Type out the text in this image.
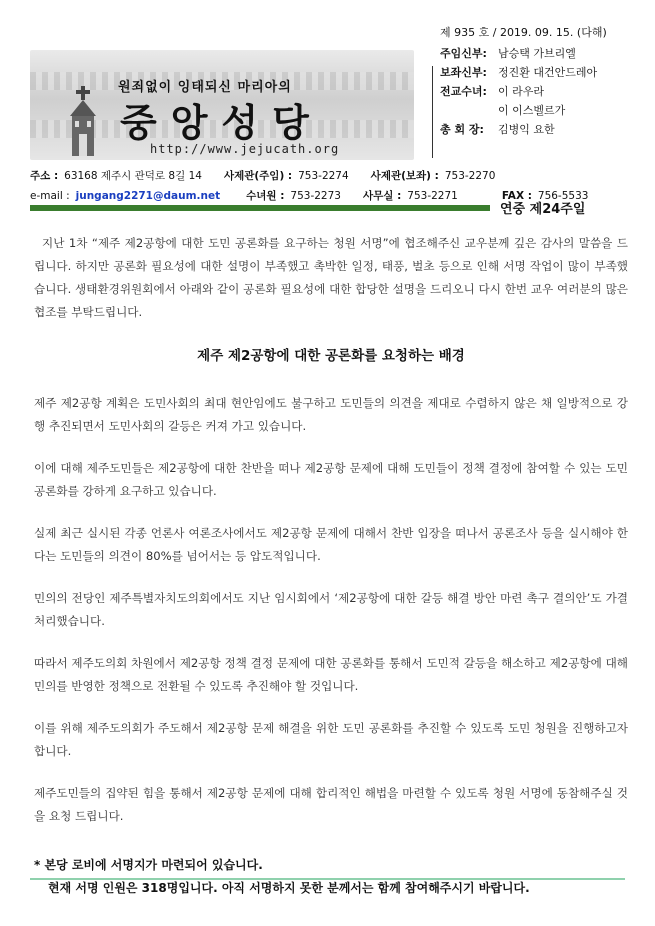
원죄없이 잉태되신 마리아의
중앙성당
http://www.jejucath.org
제 935 호 / 2019. 09. 15. (다해)
주임신부:	남승택 가브리엘
보좌신부:	정진환 대건안드레아
전교수녀:	이 라우라
이 이스벨르가
총 회 장:	김병익 요한
주소 : 63168 제주시 관덕로 8길 14 사제관(주임) : 753-2274 사제관(보좌) : 753-2270
e-mail : jungang2271@daum.net 수녀원 : 753-2273 사무실 : 753-2271	FAX : 756-5533
연중 제24주일

지난 1차 “제주 제2공항에 대한 도민 공론화를 요구하는 청원 서명”에 협조해주신 교우분께 깊은 감사의 말씀을 드립니다. 하지만 공론화 필요성에 대한 설명이 부족했고 촉박한 일정, 태풍, 벌초 등으로 인해 서명 작업이 많이 부족했습니다. 생태환경위원회에서 아래와 같이 공론화 필요성에 대한 합당한 설명을 드리오니 다시 한번 교우 여러분의 많은 협조를 부탁드립니다.

제주 제2공항에 대한 공론화를 요청하는 배경

제주 제2공항 계획은 도민사회의 최대 현안임에도 불구하고 도민들의 의견을 제대로 수렴하지 않은 채 일방적으로 강행 추진되면서 도민사회의 갈등은 커져 가고 있습니다.

이에 대해 제주도민들은 제2공항에 대한 찬반을 떠나 제2공항 문제에 대해 도민들이 정책 결정에 참여할 수 있는 도민 공론화를 강하게 요구하고 있습니다.

실제 최근 실시된 각종 언론사 여론조사에서도 제2공항 문제에 대해서 찬반 입장을 떠나서 공론조사 등을 실시해야 한다는 도민들의 의견이 80%를 넘어서는 등 압도적입니다.

민의의 전당인 제주특별자치도의회에서도 지난 임시회에서 ‘제2공항에 대한 갈등 해결 방안 마련 촉구 결의안’도 가결 처리했습니다.

따라서 제주도의회 차원에서 제2공항 정책 결정 문제에 대한 공론화를 통해서 도민적 갈등을 해소하고 제2공항에 대해 민의를 반영한 정책으로 전환될 수 있도록 추진해야 할 것입니다.

이를 위해 제주도의회가 주도해서 제2공항 문제 해결을 위한 도민 공론화를 추진할 수 있도록 도민 청원을 진행하고자 합니다.

제주도민들의 집약된 힘을 통해서 제2공항 문제에 대해 합리적인 해법을 마련할 수 있도록 청원 서명에 동참해주실 것을 요청 드립니다.

* 본당 로비에 서명지가 마련되어 있습니다.
현재 서명 인원은 318명입니다. 아직 서명하지 못한 분께서는 함께 참여해주시기 바랍니다.
